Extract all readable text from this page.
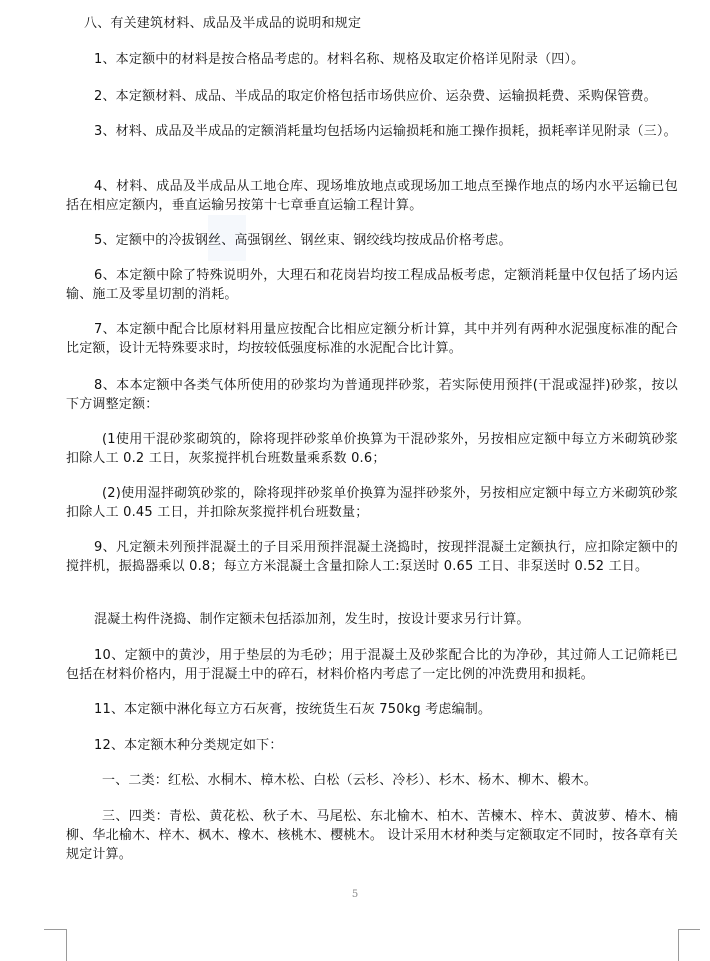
八、有关建筑材料、成品及半成品的说明和规定

1、本定额中的材料是按合格品考虑的。材料名称、规格及取定价格详见附录（四）。

2、本定额材料、成品、半成品的取定价格包括市场供应价、运杂费、运输损耗费、采购保管费。

3、材料、成品及半成品的定额消耗量均包括场内运输损耗和施工操作损耗，损耗率详见附录（三）。

4、材料、成品及半成品从工地仓库、现场堆放地点或现场加工地点至操作地点的场内水平运输已包括在相应定额内，垂直运输另按第十七章垂直运输工程计算。

5、定额中的冷拔钢丝、高强钢丝、钢丝束、钢绞线均按成品价格考虑。

6、本定额中除了特殊说明外，大理石和花岗岩均按工程成品板考虑，定额消耗量中仅包括了场内运输、施工及零星切割的消耗。

7、本定额中配合比原材料用量应按配合比相应定额分析计算，其中并列有两种水泥强度标准的配合比定额，设计无特殊要求时，均按较低强度标准的水泥配合比计算。

8、本本定额中各类气体所使用的砂浆均为普通现拌砂浆，若实际使用预拌(干混或湿拌)砂浆，按以下方调整定额：

(1使用干混砂浆砌筑的，除将现拌砂浆单价换算为干混砂浆外，另按相应定额中每立方米砌筑砂浆扣除人工 0.2 工日，灰浆搅拌机台班数量乘系数 0.6；

(2)使用湿拌砌筑砂浆的，除将现拌砂浆单价换算为湿拌砂浆外，另按相应定额中每立方米砌筑砂浆扣除人工 0.45 工日，并扣除灰浆搅拌机台班数量；

9、凡定额未列预拌混凝土的子目采用预拌混凝土浇捣时，按现拌混凝土定额执行，应扣除定额中的搅拌机，振捣器乘以 0.8；每立方米混凝土含量扣除人工:泵送时 0.65 工日、非泵送时 0.52 工日。

混凝土构件浇捣、制作定额未包括添加剂，发生时，按设计要求另行计算。

10、定额中的黄沙，用于垫层的为毛砂；用于混凝土及砂浆配合比的为净砂，其过筛人工记筛耗已包括在材料价格内，用于混凝土中的碎石，材料价格内考虑了一定比例的冲洗费用和损耗。

11、本定额中淋化每立方石灰膏，按统货生石灰 750kg 考虑编制。

12、本定额木种分类规定如下：

一、二类：红松、水桐木、樟木松、白松（云杉、冷杉）、杉木、杨木、柳木、椴木。

三、四类：青松、黄花松、秋子木、马尾松、东北榆木、柏木、苦楝木、梓木、黄波萝、椿木、楠柳、华北榆木、梓木、枫木、橡木、核桃木、樱桃木。 设计采用木材种类与定额取定不同时，按各章有关规定计算。

5
